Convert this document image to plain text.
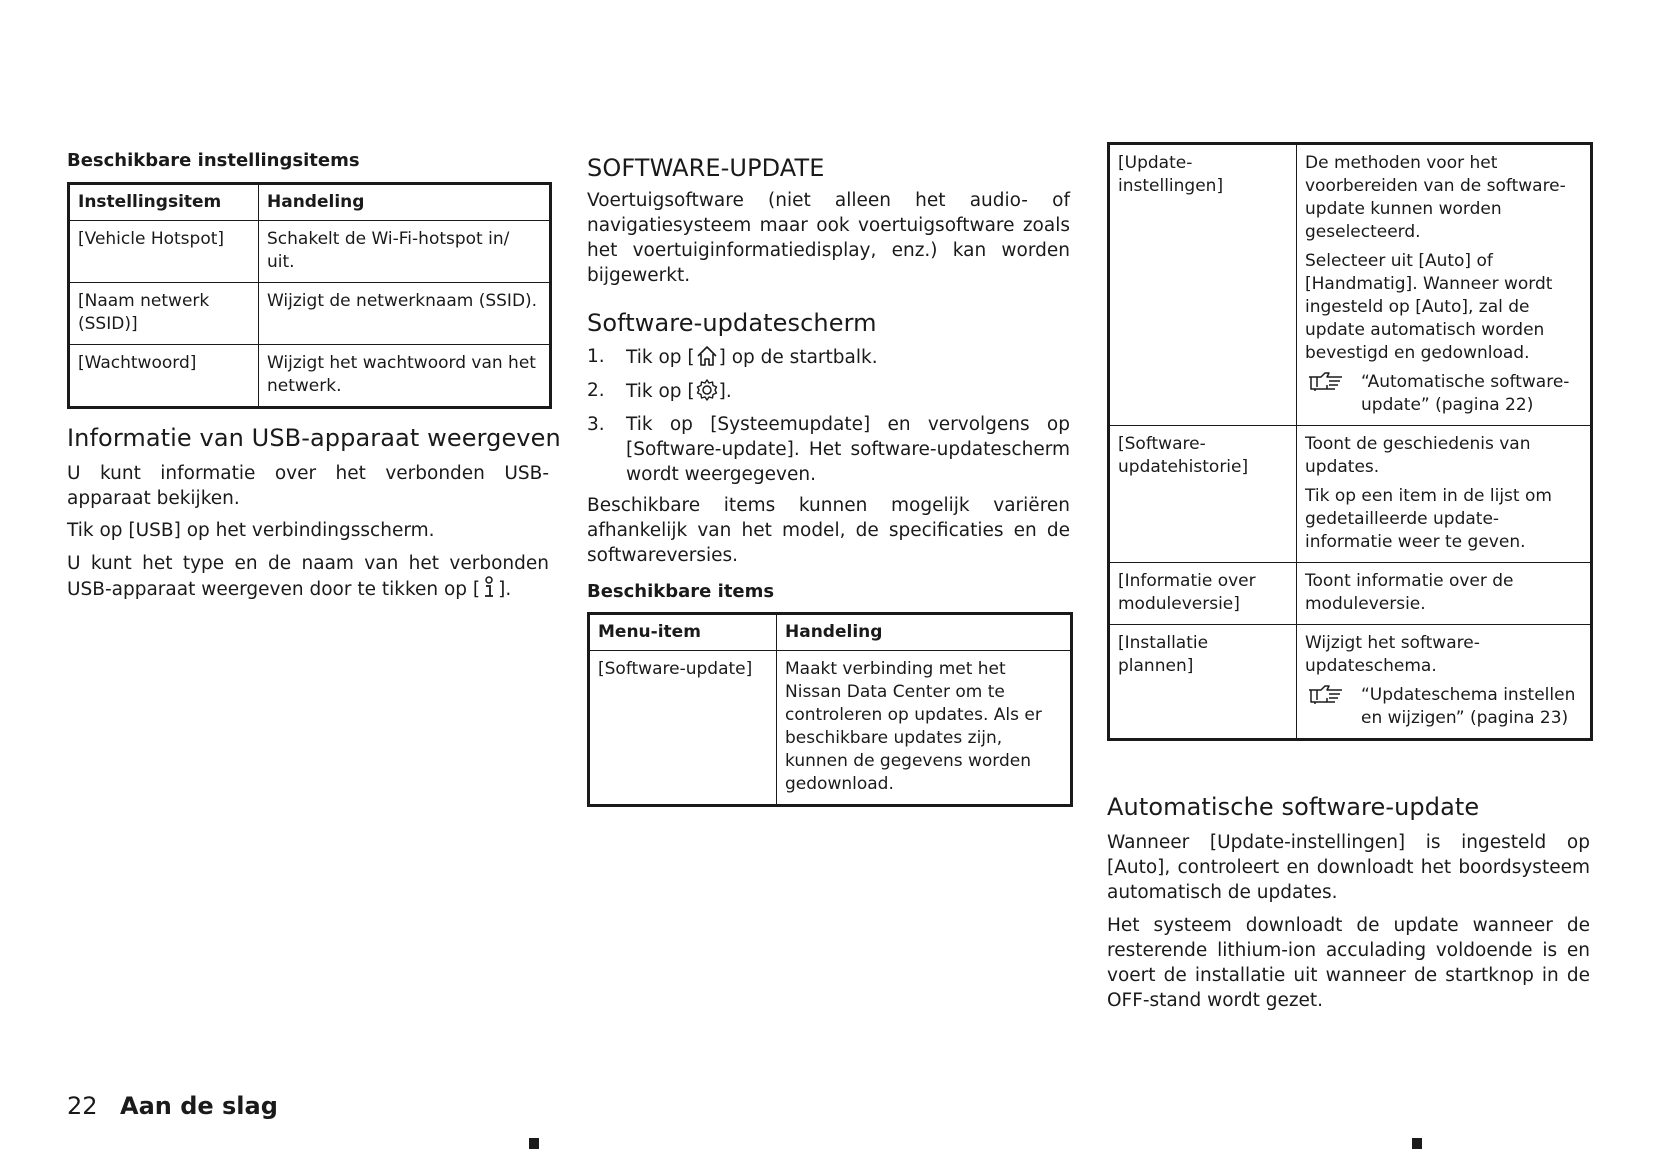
Beschikbare instellingsitems
Instellingsitem	Handeling
[Vehicle Hotspot]	Schakelt de Wi-Fi-hotspot in/ uit.
[Naam netwerk (SSID)]	Wijzigt de netwerknaam (SSID).
[Wachtwoord]	Wijzigt het wachtwoord van het netwerk.
Informatie van USB-apparaat weergeven

U kunt informatie over het verbonden USB-apparaat bekijken.

Tik op [USB] op het verbindingsscherm.

U kunt het type en de naam van het verbonden USB-apparaat weergeven door te tikken op [ ].

SOFTWARE-UPDATE

Voertuigsoftware (niet alleen het audio- of navigatiesysteem maar ook voertuigsoftware zoals het voertuiginformatiedisplay, enz.) kan worden bijgewerkt.

Software-updatescherm
1. Tik op [ ] op de startbalk.
2. Tik op [ ].
3. Tik op [Systeemupdate] en vervolgens op [Software-update]. Het software-updatescherm wordt weergegeven.

Beschikbare items kunnen mogelijk variëren afhankelijk van het model, de specificaties en de softwareversies.

Beschikbare items
Menu-item	Handeling
[Software-update]	Maakt verbinding met het Nissan Data Center om te controleren op updates. Als er beschikbare updates zijn, kunnen de gegevens worden gedownload.
[Update-instellingen]	De methoden voor het voorbereiden van de software-update kunnen worden geselecteerd.

Selecteer uit [Auto] of [Handmatig]. Wanneer wordt ingesteld op [Auto], zal de update automatisch worden bevestigd en gedownload.

“Automatische software-update” (pagina 22)

[Software-updatehistorie]	Toont de geschiedenis van updates.

Tik op een item in de lijst om gedetailleerde update-informatie weer te geven.

[Informatie over moduleversie]	Toont informatie over de moduleversie.
[Installatie plannen]	Wijzigt het software-updateschema.

“Updateschema instellen en wijzigen” (pagina 23)

Automatische software-update

Wanneer [Update-instellingen] is ingesteld op [Auto], controleert en downloadt het boordsysteem automatisch de updates.

Het systeem downloadt de update wanneer de resterende lithium-ion acculading voldoende is en voert de installatie uit wanneer de startknop in de OFF-stand wordt gezet.

22 Aan de slag
